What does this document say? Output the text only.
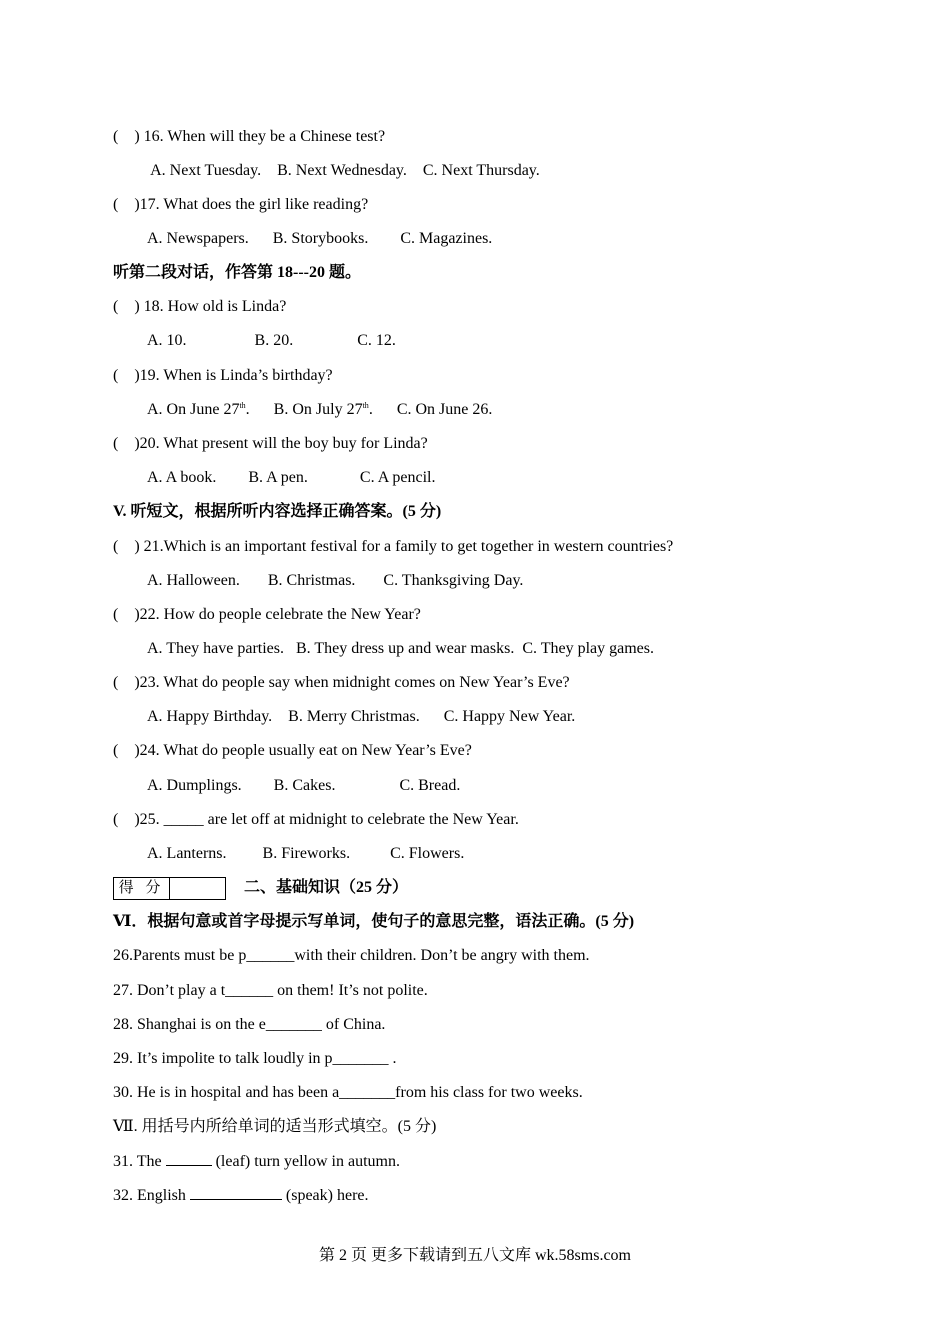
(    ) 16. When will they be a Chinese test?
A. Next Tuesday.    B. Next Wednesday.    C. Next Thursday.
(    )17. What does the girl like reading?
A. Newspapers.      B. Storybooks.        C. Magazines.
听第二段对话，作答第 18---20 题。
(    ) 18. How old is Linda?
A. 10.                 B. 20.                C. 12.
(    )19. When is Linda’s birthday?
A. On June 27th.      B. On July 27th.      C. On June 26.
(    )20. What present will the boy buy for Linda?
A. A book.        B. A pen.             C. A pencil.
V. 听短文，根据所听内容选择正确答案。(5 分)
(    ) 21.Which is an important festival for a family to get together in western countries?
A. Halloween.       B. Christmas.       C. Thanksgiving Day.
(    )22. How do people celebrate the New Year?
A. They have parties.   B. They dress up and wear masks.  C. They play games.
(    )23. What do people say when midnight comes on New Year’s Eve?
A. Happy Birthday.    B. Merry Christmas.      C. Happy New Year.
(    )24. What do people usually eat on New Year’s Eve?
A. Dumplings.        B. Cakes.                C. Bread.
(    )25. _____ are let off at midnight to celebrate the New Year.
A. Lanterns.         B. Fireworks.          C. Flowers.
得 分	二、基础知识（25 分）
Ⅵ．根据句意或首字母提示写单词，使句子的意思完整，语法正确。(5 分)
26.Parents must be p______with their children. Don’t be angry with them.
27. Don’t play a t______ on them! It’s not polite.
28. Shanghai is on the e_______ of China.
29. It’s impolite to talk loudly in p_______ .
30. He is in hospital and has been a_______from his class for two weeks.
Ⅶ. 用括号内所给单词的适当形式填空。(5 分)
31. The	(leaf) turn yellow in autumn.
32. English	(speak) here.
第 2 页 更多下载请到五八文库 wk.58sms.com
